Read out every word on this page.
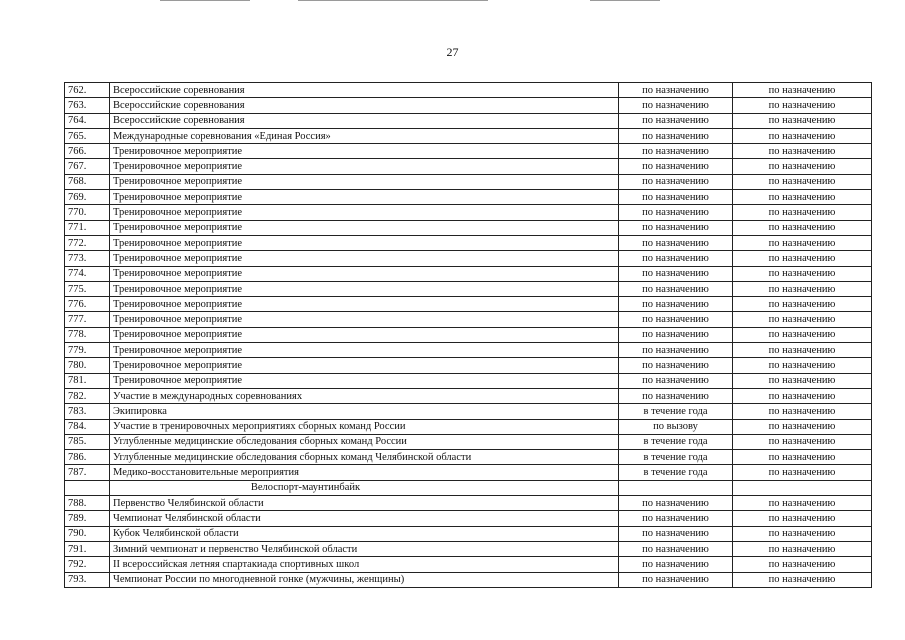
27
762.	Всероссийские соревнования	по назначению	по назначению
763.	Всероссийские соревнования	по назначению	по назначению
764.	Всероссийские соревнования	по назначению	по назначению
765.	Международные соревнования «Единая Россия»	по назначению	по назначению
766.	Тренировочное мероприятие	по назначению	по назначению
767.	Тренировочное мероприятие	по назначению	по назначению
768.	Тренировочное мероприятие	по назначению	по назначению
769.	Тренировочное мероприятие	по назначению	по назначению
770.	Тренировочное мероприятие	по назначению	по назначению
771.	Тренировочное мероприятие	по назначению	по назначению
772.	Тренировочное мероприятие	по назначению	по назначению
773.	Тренировочное мероприятие	по назначению	по назначению
774.	Тренировочное мероприятие	по назначению	по назначению
775.	Тренировочное мероприятие	по назначению	по назначению
776.	Тренировочное мероприятие	по назначению	по назначению
777.	Тренировочное мероприятие	по назначению	по назначению
778.	Тренировочное мероприятие	по назначению	по назначению
779.	Тренировочное мероприятие	по назначению	по назначению
780.	Тренировочное мероприятие	по назначению	по назначению
781.	Тренировочное мероприятие	по назначению	по назначению
782.	Участие в международных соревнованиях	по назначению	по назначению
783.	Экипировка	в течение года	по назначению
784.	Участие в тренировочных мероприятиях сборных команд России	по вызову	по назначению
785.	Углубленные медицинские обследования сборных команд России	в течение года	по назначению
786.	Углубленные медицинские обследования сборных команд Челябинской области	в течение года	по назначению
787.	Медико-восстановительные мероприятия	в течение года	по назначению
	Велоспорт-маунтинбайк		
788.	Первенство Челябинской области	по назначению	по назначению
789.	Чемпионат Челябинской области	по назначению	по назначению
790.	Кубок Челябинской области	по назначению	по назначению
791.	Зимний чемпионат и первенство Челябинской области	по назначению	по назначению
792.	II всероссийская летняя спартакиада спортивных школ	по назначению	по назначению
793.	Чемпионат России по многодневной гонке (мужчины, женщины)	по назначению	по назначению
